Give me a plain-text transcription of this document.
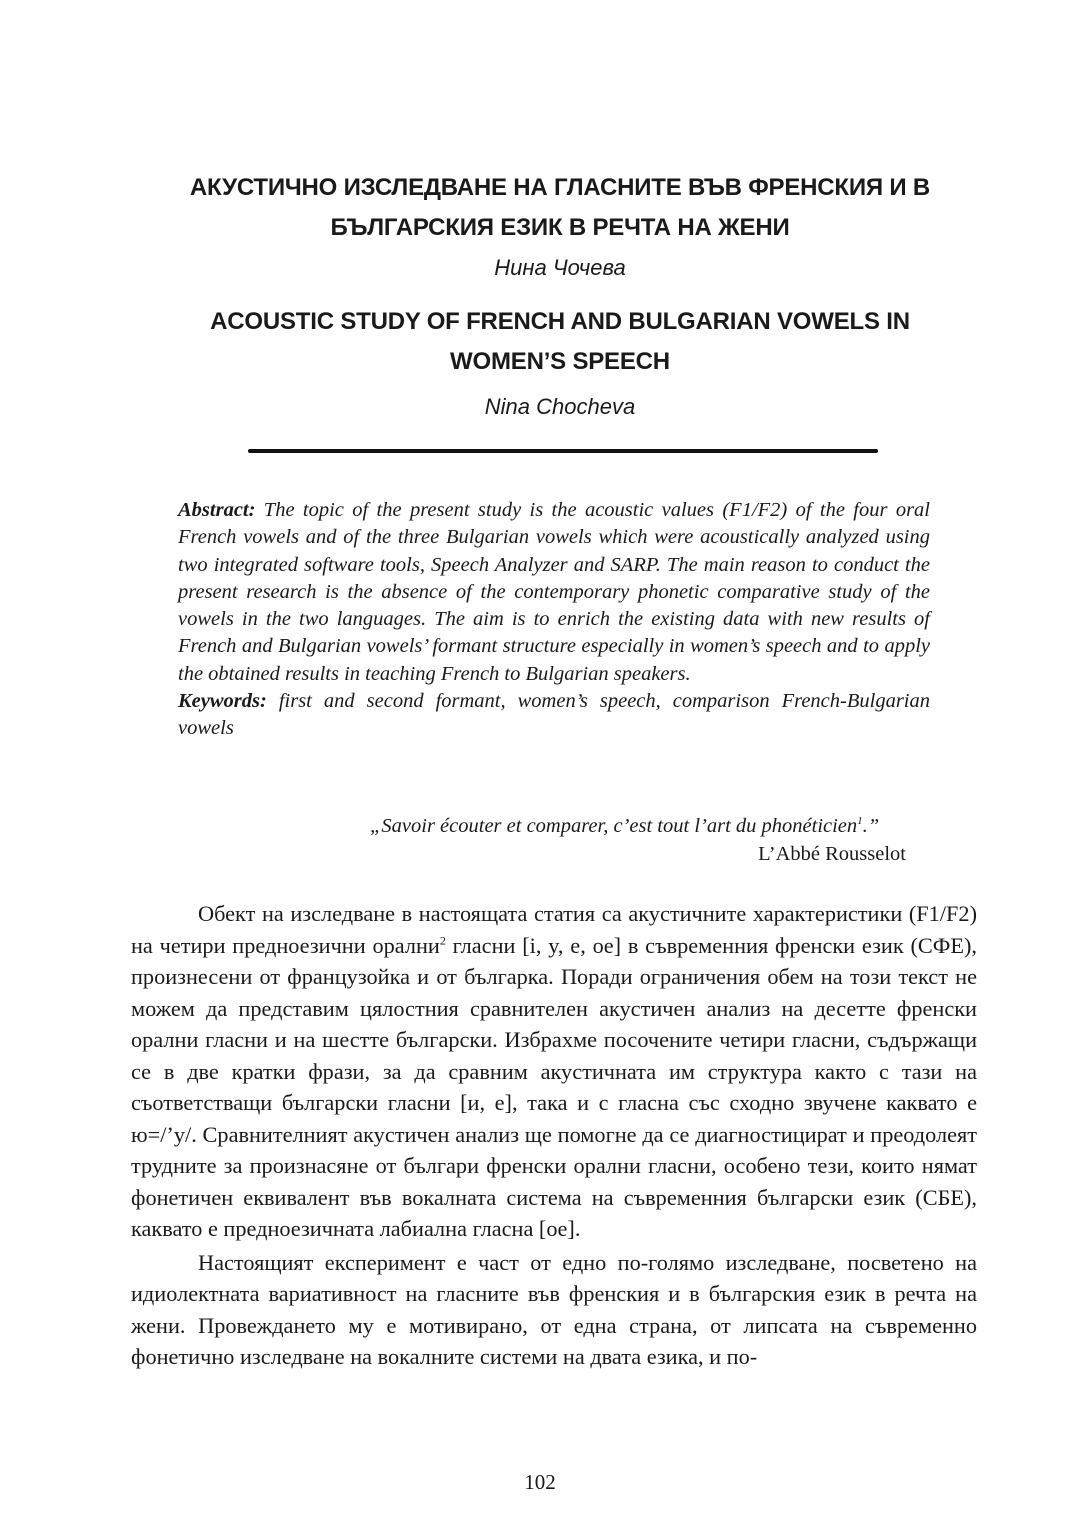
АКУСТИЧНО ИЗСЛЕДВАНЕ НА ГЛАСНИТЕ ВЪВ ФРЕНСКИЯ И В
БЪЛГАРСКИЯ ЕЗИК В РЕЧТА НА ЖЕНИ
Нина Чочева
ACOUSTIC STUDY OF FRENCH AND BULGARIAN VOWELS IN
WOMEN’S SPEECH
Nina Chocheva
Abstract: The topic of the present study is the acoustic values (F1/F2) of the four oral French vowels and of the three Bulgarian vowels which were acoustically analyzed using two integrated software tools, Speech Analyzer and SARP. The main reason to conduct the present research is the absence of the contemporary phonetic comparative study of the vowels in the two languages. The aim is to enrich the existing data with new results of French and Bulgarian vowels’ formant structure especially in women’s speech and to apply the obtained results in teaching French to Bulgarian speakers.
Keywords: first and second formant, women’s speech, comparison French-Bulgarian vowels
„Savoir écouter et comparer, c’est tout l’art du phonéticien$^1$.”
L’Abbé Rousselot

Обект на изследване в настоящата статия са акустичните характеристики (F1/F2) на четири предноезични орални$^2$ гласни [i, y, e, oe] в съвременния френски език (СФЕ), произнесени от французойка и от българка. Поради ограничения обем на този текст не можем да представим цялостния сравнителен акустичен анализ на десетте френски орални гласни и на шестте български. Избрахме посочените четири гласни, съдържащи се в две кратки фрази, за да сравним акустичната им структура както с тази на съответстващи български гласни [и, е], така и с гласна със сходно звучене каквато е ю=/’у/. Сравнителният акустичен анализ ще помогне да се диагностицират и преодолеят трудните за произнасяне от българи френски орални гласни, особено тези, които нямат фонетичен еквивалент във вокалната система на съвременния български език (СБЕ), каквато е предноезичната лабиална гласна [oe].

Настоящият експеримент е част от едно по-голямо изследване, посветено на идиолектната вариативност на гласните във френския и в българския език в речта на жени. Провеждането му е мотивирано, от една страна, от липсата на съвременно фонетично изследване на вокалните системи на двата езика, и по-

102
